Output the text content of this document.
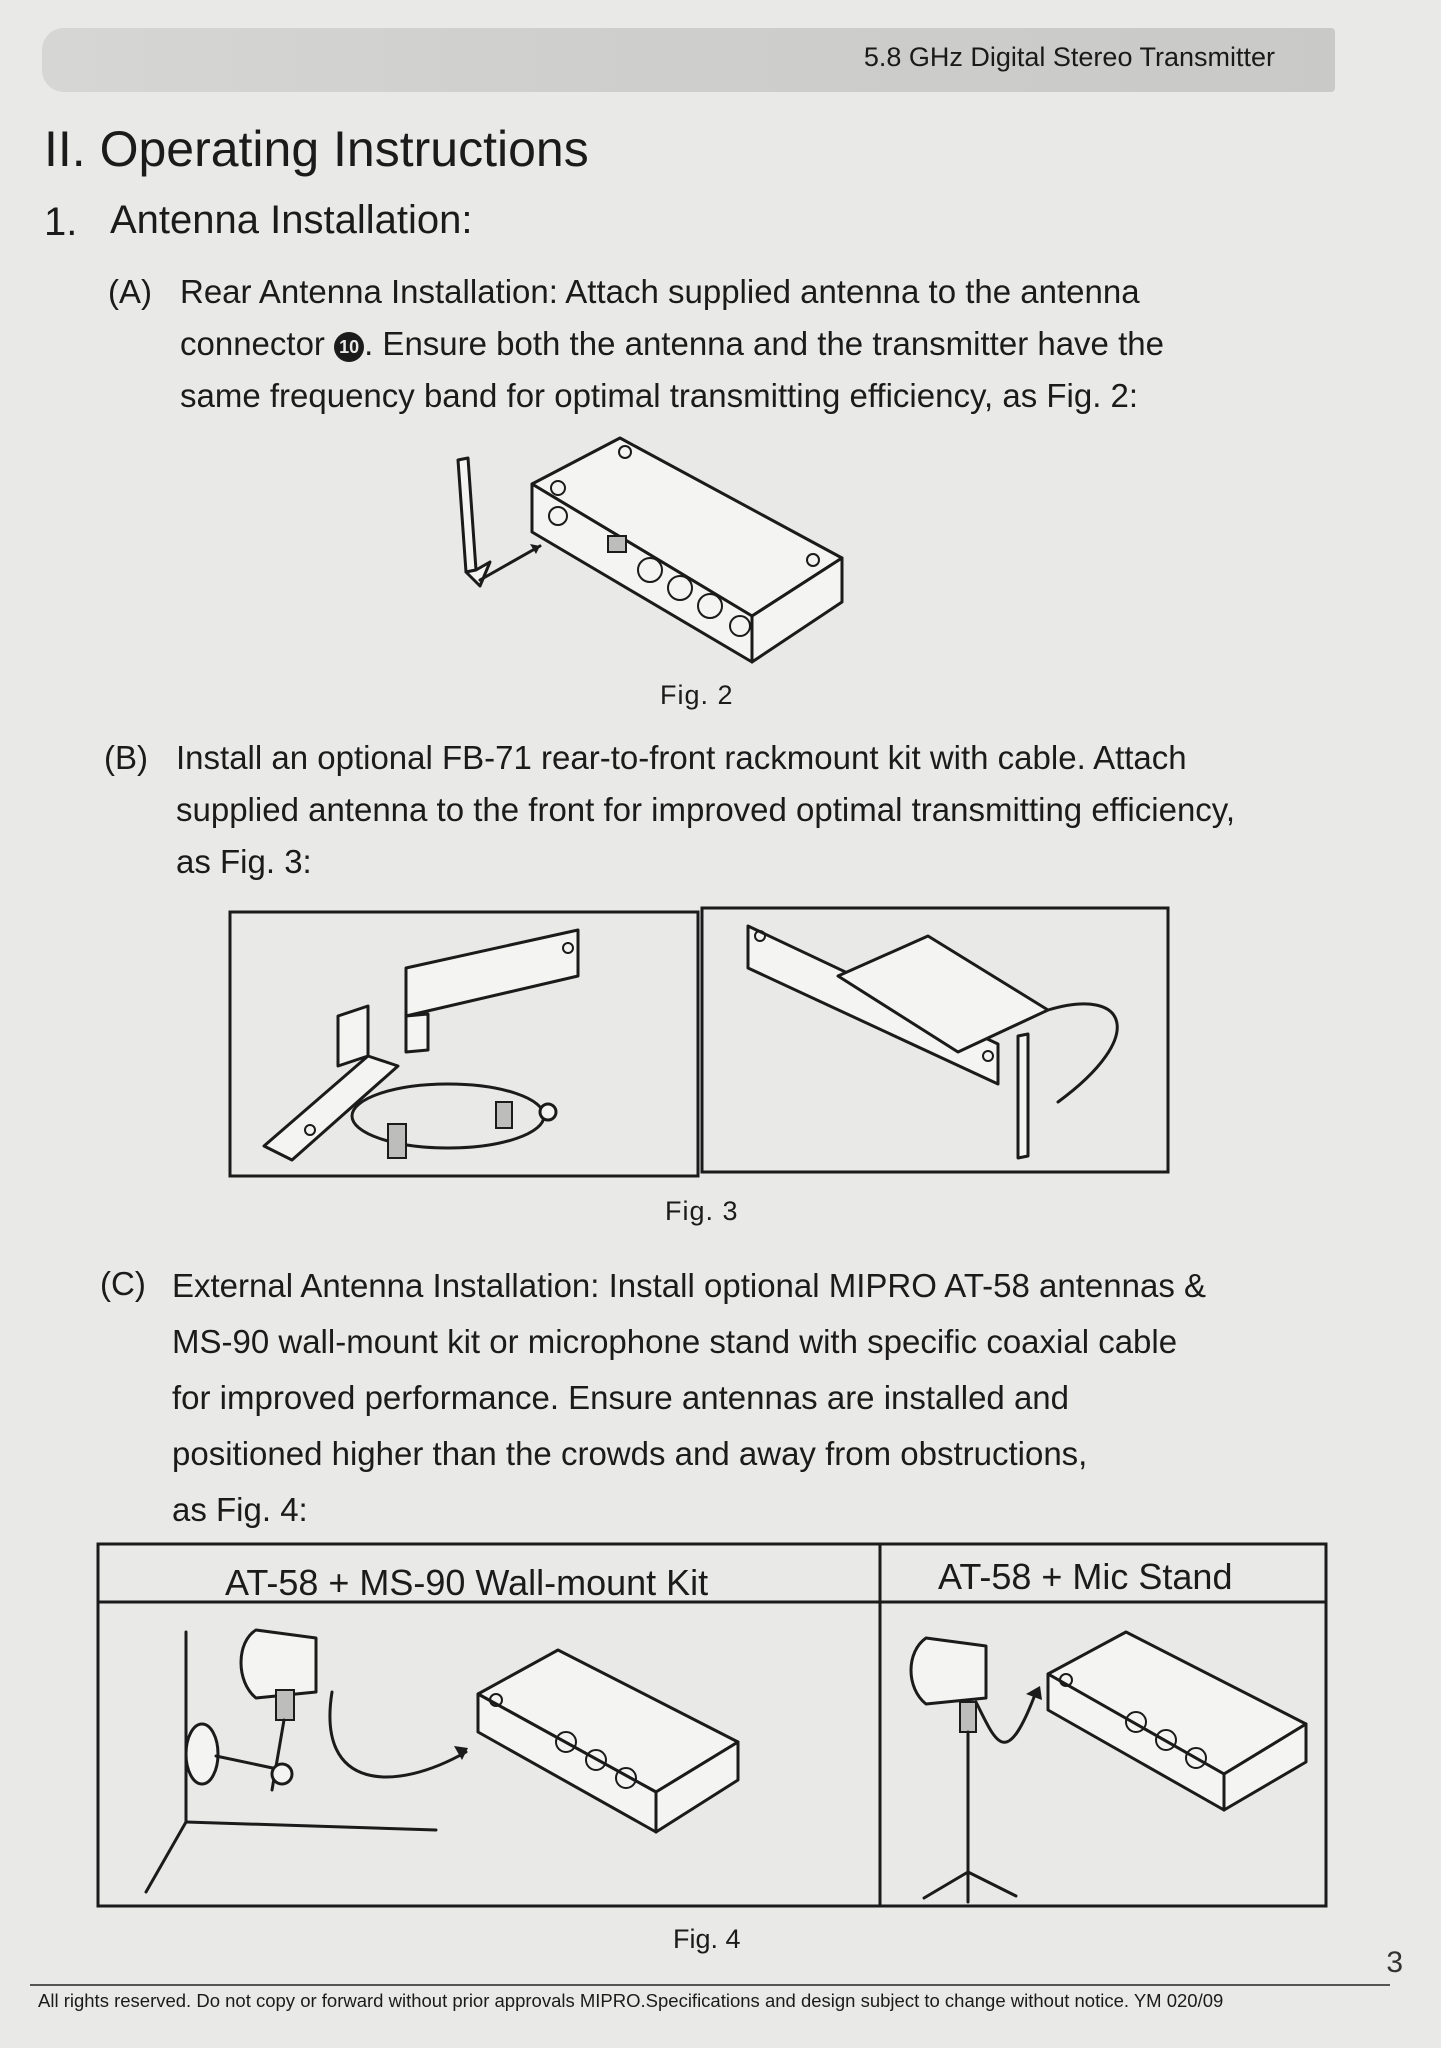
5.8 GHz Digital Stereo Transmitter
II. Operating Instructions
1. Antenna Installation:
(A) Rear Antenna Installation: Attach supplied antenna to the antenna
connector 10 . Ensure both the antenna and the transmitter have the
same frequency band for optimal transmitting efficiency, as Fig. 2:
Fig. 2
(B) Install an optional FB-71 rear-to-front rackmount kit with cable. Attach
supplied antenna to the front for improved optimal transmitting efficiency,
as Fig. 3:
Fig. 3
(C) External Antenna Installation: Install optional MIPRO AT-58 antennas &
MS-90 wall-mount kit or microphone stand with specific coaxial cable
for improved performance. Ensure antennas are installed and
positioned higher than the crowds and away from obstructions,
as Fig. 4:
AT-58 + MS-90 Wall-mount Kit	AT-58 + Mic Stand
Fig. 4
3
All rights reserved. Do not copy or forward without prior approvals MIPRO.Specifications and design subject to change without notice. YM 020/09
